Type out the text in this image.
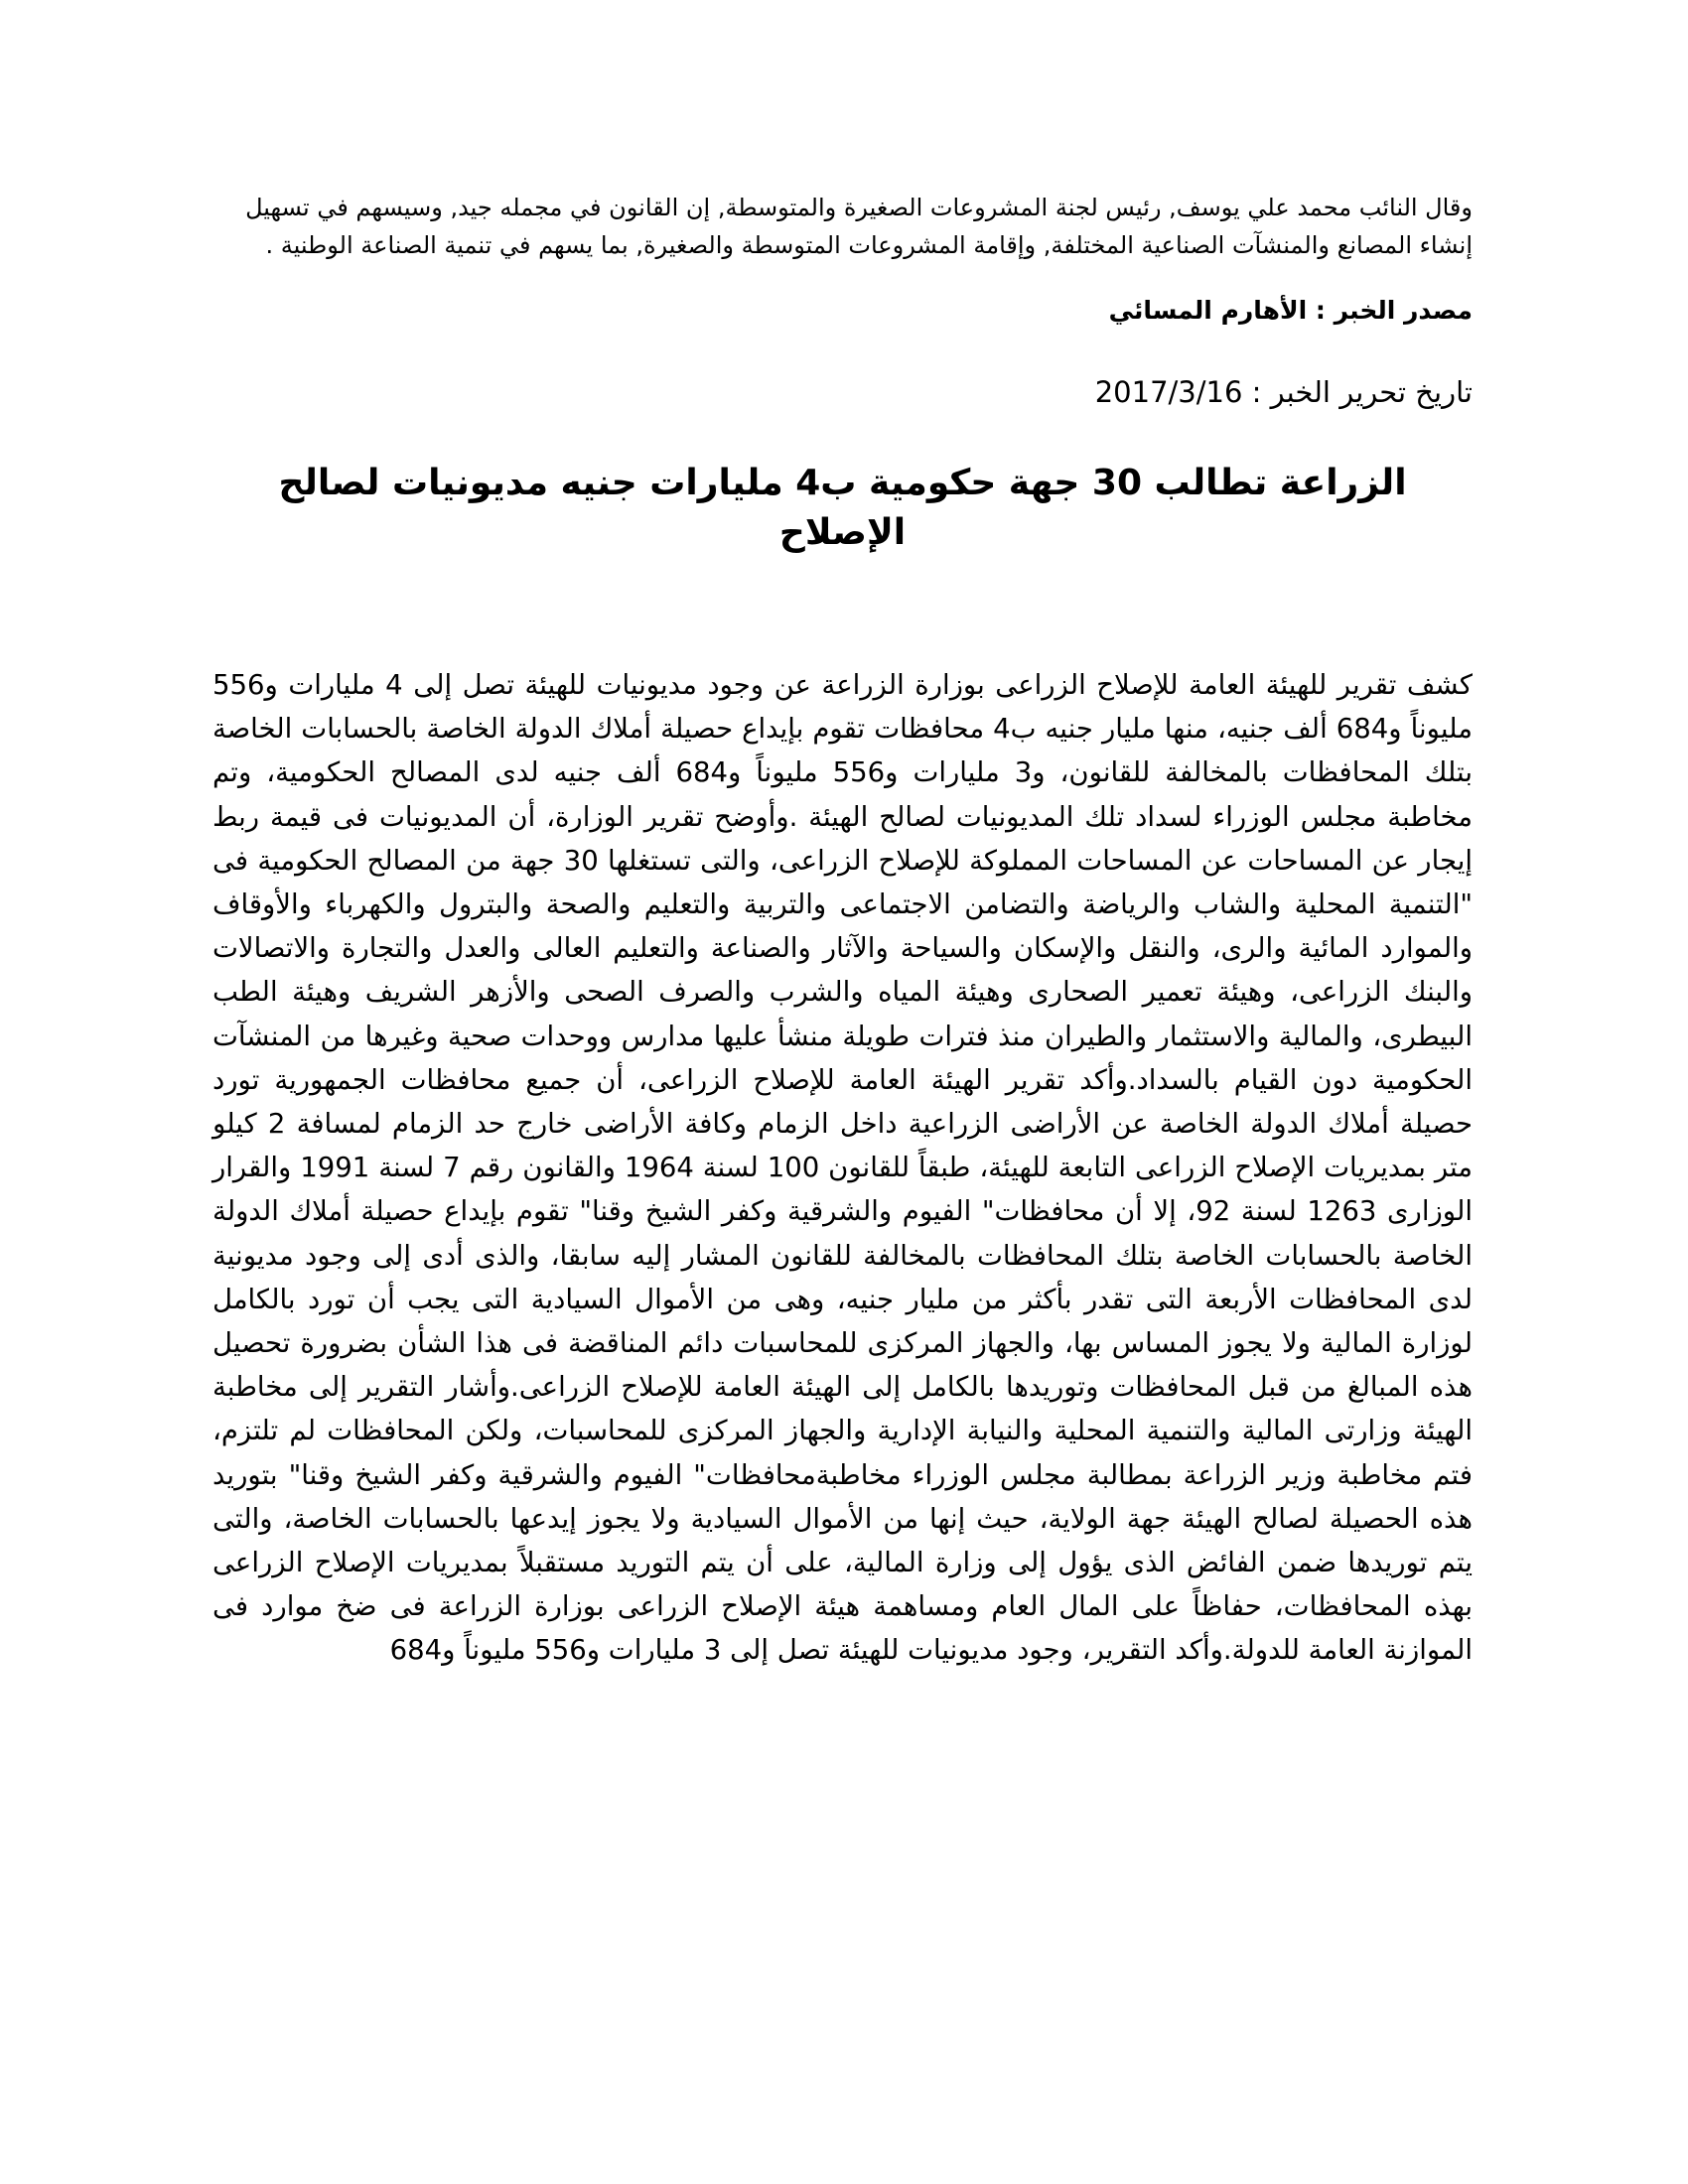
وقال النائب محمد علي يوسف, رئيس لجنة المشروعات الصغيرة والمتوسطة, إن القانون في مجمله جيد, وسيسهم في تسهيل إنشاء المصانع والمنشآت الصناعية المختلفة, وإقامة المشروعات المتوسطة والصغيرة, بما يسهم في تنمية الصناعة الوطنية .

مصدر الخبر : الأهارم المسائي

تاريخ تحرير الخبر : 2017/3/16

الزراعة تطالب 30 جهة حكومية ب4 مليارات جنيه مديونيات لصالح الإصلاح

كشف تقرير للهيئة العامة للإصلاح الزراعى بوزارة الزراعة عن وجود مديونيات للهيئة تصل إلى 4 مليارات و556 مليوناً و684 ألف جنيه، منها مليار جنيه ب4 محافظات تقوم بإيداع حصيلة أملاك الدولة الخاصة بالحسابات الخاصة بتلك المحافظات بالمخالفة للقانون، و3 مليارات و556 مليوناً و684 ألف جنيه لدى المصالح الحكومية، وتم مخاطبة مجلس الوزراء لسداد تلك المديونيات لصالح الهيئة .وأوضح تقرير الوزارة، أن المديونيات فى قيمة ربط إيجار عن المساحات عن المساحات المملوكة للإصلاح الزراعى، والتى تستغلها 30 جهة من المصالح الحكومية فى "التنمية المحلية والشاب والرياضة والتضامن الاجتماعى والتربية والتعليم والصحة والبترول والكهرباء والأوقاف والموارد المائية والرى، والنقل والإسكان والسياحة والآثار والصناعة والتعليم العالى والعدل والتجارة والاتصالات والبنك الزراعى، وهيئة تعمير الصحارى وهيئة المياه والشرب والصرف الصحى والأزهر الشريف وهيئة الطب البيطرى، والمالية والاستثمار والطيران منذ فترات طويلة منشأ عليها مدارس ووحدات صحية وغيرها من المنشآت الحكومية دون القيام بالسداد.وأكد تقرير الهيئة العامة للإصلاح الزراعى، أن جميع محافظات الجمهورية تورد حصيلة أملاك الدولة الخاصة عن الأراضى الزراعية داخل الزمام وكافة الأراضى خارج حد الزمام لمسافة 2 كيلو متر بمديريات الإصلاح الزراعى التابعة للهيئة، طبقاً للقانون 100 لسنة 1964 والقانون رقم 7 لسنة 1991 والقرار الوزارى 1263 لسنة 92، إلا أن محافظات" الفيوم والشرقية وكفر الشيخ وقنا" تقوم بإيداع حصيلة أملاك الدولة الخاصة بالحسابات الخاصة بتلك المحافظات بالمخالفة للقانون المشار إليه سابقا، والذى أدى إلى وجود مديونية لدى المحافظات الأربعة التى تقدر بأكثر من مليار جنيه، وهى من الأموال السيادية التى يجب أن تورد بالكامل لوزارة المالية ولا يجوز المساس بها، والجهاز المركزى للمحاسبات دائم المناقضة فى هذا الشأن بضرورة تحصيل هذه المبالغ من قبل المحافظات وتوريدها بالكامل إلى الهيئة العامة للإصلاح الزراعى.وأشار التقرير إلى مخاطبة الهيئة وزارتى المالية والتنمية المحلية والنيابة الإدارية والجهاز المركزى للمحاسبات، ولكن المحافظات لم تلتزم، فتم مخاطبة وزير الزراعة بمطالبة مجلس الوزراء مخاطبةمحافظات" الفيوم والشرقية وكفر الشيخ وقنا" بتوريد هذه الحصيلة لصالح الهيئة جهة الولاية، حيث إنها من الأموال السيادية ولا يجوز إيدعها بالحسابات الخاصة، والتى يتم توريدها ضمن الفائض الذى يؤول إلى وزارة المالية، على أن يتم التوريد مستقبلاً بمديريات الإصلاح الزراعى بهذه المحافظات، حفاظاً على المال العام ومساهمة هيئة الإصلاح الزراعى بوزارة الزراعة فى ضخ موارد فى الموازنة العامة للدولة.وأكد التقرير، وجود مديونيات للهيئة تصل إلى 3 مليارات و556 مليوناً و684
